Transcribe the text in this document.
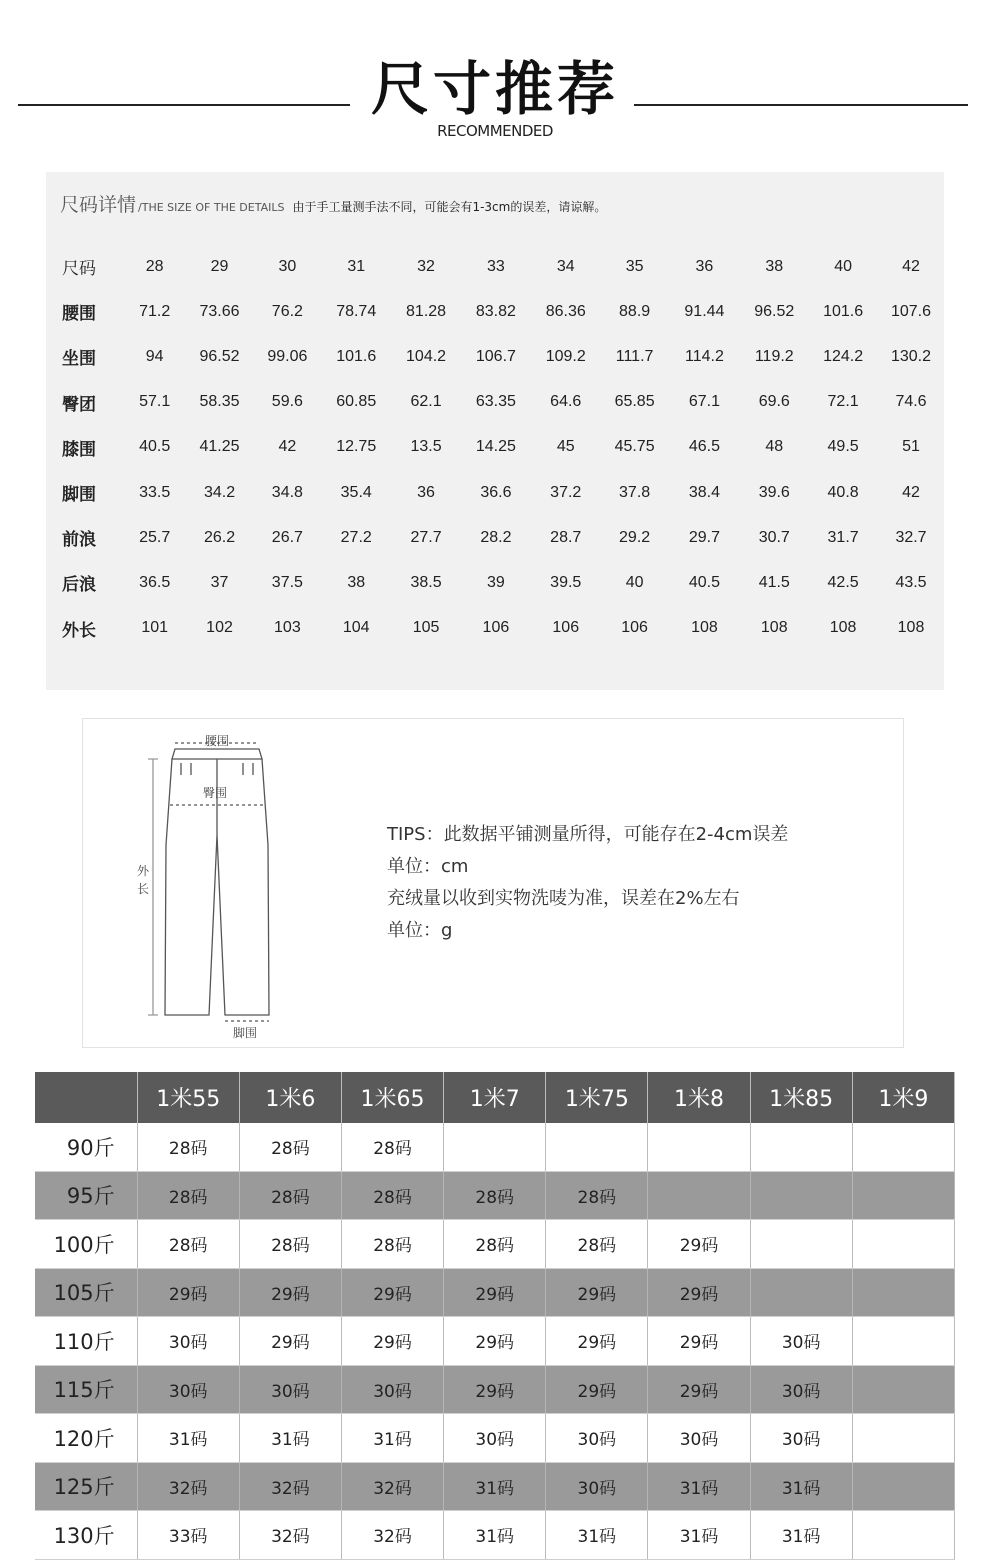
尺寸推荐
RECOMMENDED
尺码详情 /THE SIZE OF THE DETAILS 由于手工量测手法不同，可能会有1-3cm的误差，请谅解。
尺码	28	29	30	31	32	33	34	35	36	38	40	42
腰围	71.2	73.66	76.2	78.74	81.28	83.82	86.36	88.9	91.44	96.52	101.6	107.6
坐围	94	96.52	99.06	101.6	104.2	106.7	109.2	111.7	114.2	119.2	124.2	130.2
臀团	57.1	58.35	59.6	60.85	62.1	63.35	64.6	65.85	67.1	69.6	72.1	74.6
膝围	40.5	41.25	42	12.75	13.5	14.25	45	45.75	46.5	48	49.5	51
脚围	33.5	34.2	34.8	35.4	36	36.6	37.2	37.8	38.4	39.6	40.8	42
前浪	25.7	26.2	26.7	27.2	27.7	28.2	28.7	29.2	29.7	30.7	31.7	32.7
后浪	36.5	37	37.5	38	38.5	39	39.5	40	40.5	41.5	42.5	43.5
外长	101	102	103	104	105	106	106	106	108	108	108	108
腰围
臀围
外
长
脚围
TIPS：此数据平铺测量所得，可能存在2-4cm误差
单位：cm
充绒量以收到实物洗唛为准，误差在2%左右
单位：g
	1米55	1米6	1米65	1米7	1米75	1米8	1米85	1米9
90斤	28码	28码	28码					
95斤	28码	28码	28码	28码	28码			
100斤	28码	28码	28码	28码	28码	29码		
105斤	29码	29码	29码	29码	29码	29码		
110斤	30码	29码	29码	29码	29码	29码	30码	
115斤	30码	30码	30码	29码	29码	29码	30码	
120斤	31码	31码	31码	30码	30码	30码	30码	
125斤	32码	32码	32码	31码	30码	31码	31码	
130斤	33码	32码	32码	31码	31码	31码	31码	
